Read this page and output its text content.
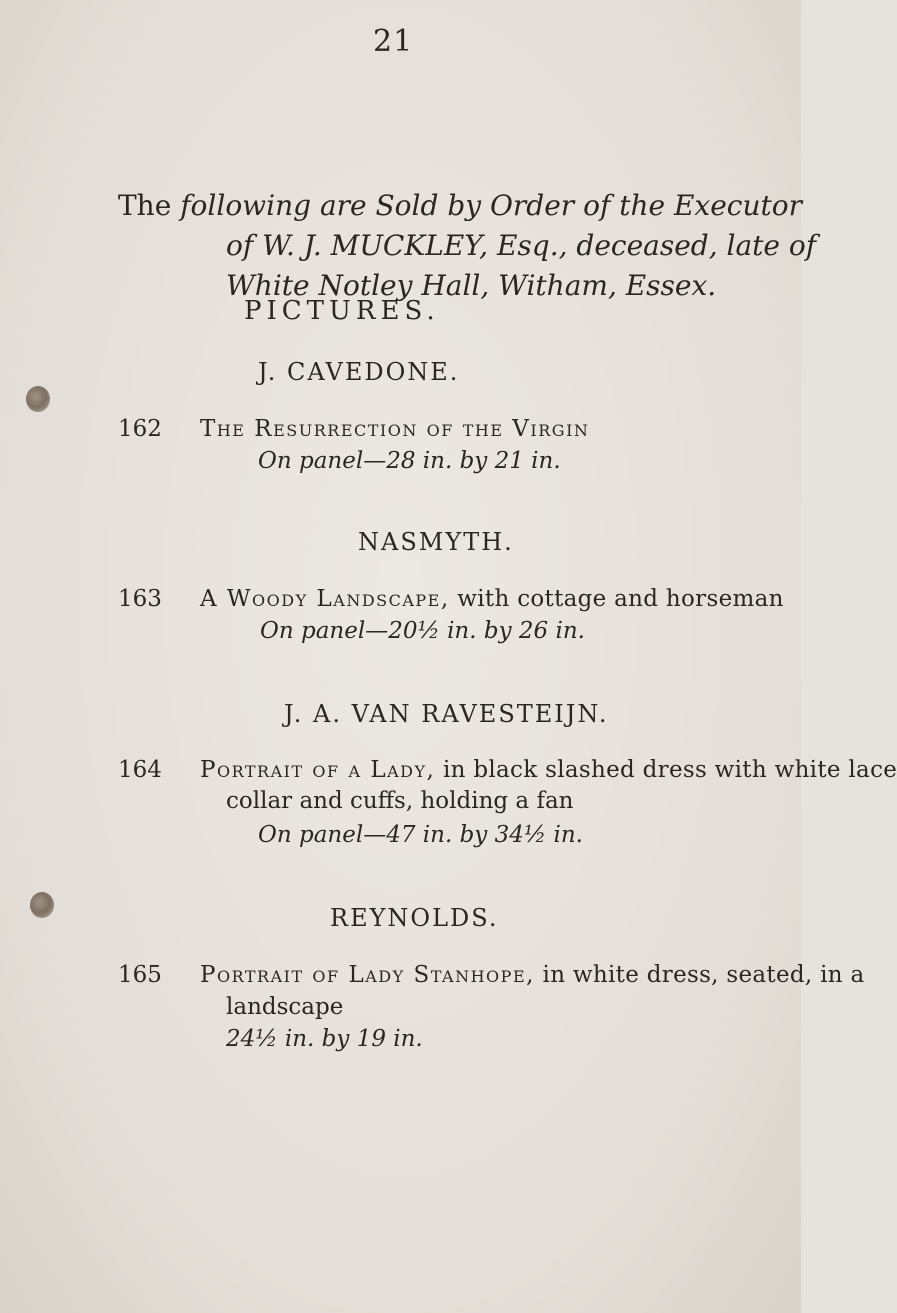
21
The following are Sold by Order of the Executor
of W. J. MUCKLEY, Esq., deceased, late of
White Notley Hall, Witham, Essex.
PICTURES.
J. CAVEDONE.
162 The Resurrection of the Virgin
On panel—28 in. by 21 in.
NASMYTH.
163 A Woody Landscape, with cottage and horseman
On panel—20½ in. by 26 in.
J. A. VAN RAVESTEIJN.
164 Portrait of a Lady, in black slashed dress with white lace
collar and cuffs, holding a fan
On panel—47 in. by 34½ in.
REYNOLDS.
165 Portrait of Lady Stanhope, in white dress, seated, in a
landscape
24½ in. by 19 in.
